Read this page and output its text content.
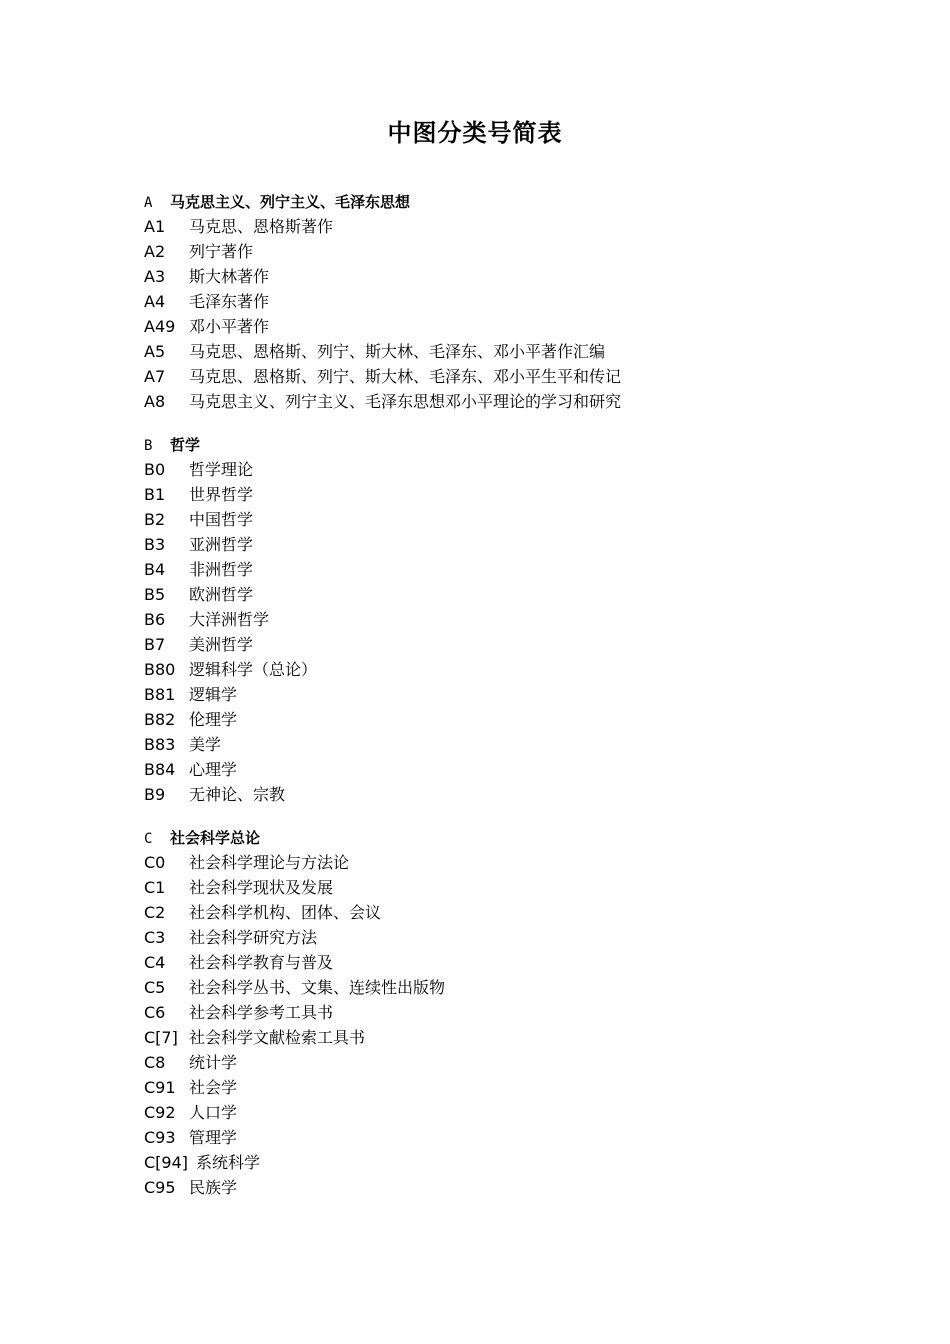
中图分类号简表
A 马克思主义、列宁主义、毛泽东思想
A1 马克思、恩格斯著作
A2 列宁著作
A3 斯大林著作
A4 毛泽东著作
A49 邓小平著作
A5 马克思、恩格斯、列宁、斯大林、毛泽东、邓小平著作汇编
A7 马克思、恩格斯、列宁、斯大林、毛泽东、邓小平生平和传记
A8 马克思主义、列宁主义、毛泽东思想邓小平理论的学习和研究
B 哲学
B0 哲学理论
B1 世界哲学
B2 中国哲学
B3 亚洲哲学
B4 非洲哲学
B5 欧洲哲学
B6 大洋洲哲学
B7 美洲哲学
B80 逻辑科学（总论）
B81 逻辑学
B82 伦理学
B83 美学
B84 心理学
B9 无神论、宗教
C 社会科学总论
C0 社会科学理论与方法论
C1 社会科学现状及发展
C2 社会科学机构、团体、会议
C3 社会科学研究方法
C4 社会科学教育与普及
C5 社会科学丛书、文集、连续性出版物
C6 社会科学参考工具书
C[7] 社会科学文献检索工具书
C8 统计学
C91 社会学
C92 人口学
C93 管理学
C[94] 系统科学
C95 民族学
